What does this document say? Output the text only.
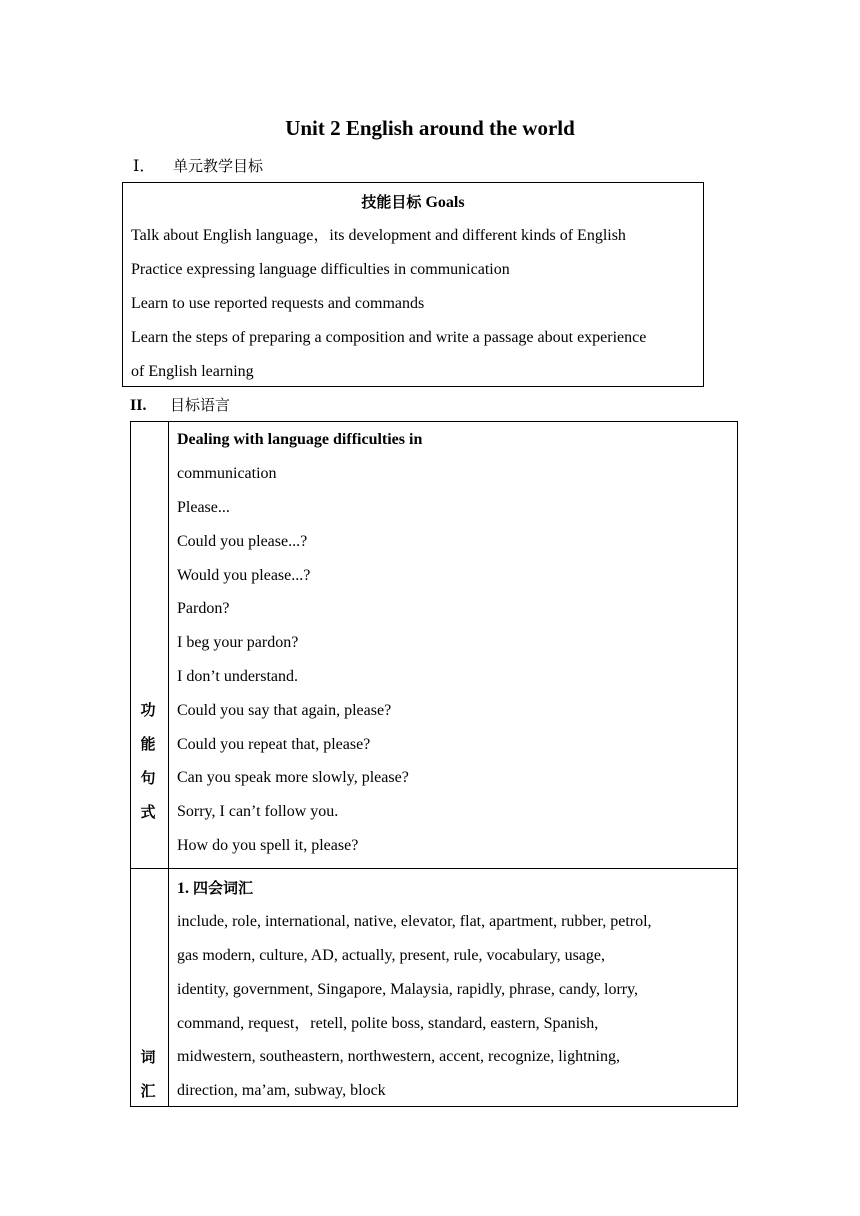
Unit 2 English around the world
Ⅰ． 单元教学目标
技能目标 Goals
Talk about English language，its development and different kinds of English
Practice expressing language difficulties in communication
Learn to use reported requests and commands
Learn the steps of preparing a composition and write a passage about experience
of English learning
II. 目标语言
功
能
句
式
Dealing with language difficulties in
communication
Please...
Could you please...?
Would you please...?
Pardon?
I beg your pardon?
I don’t understand.
Could you say that again, please?
Could you repeat that, please?
Can you speak more slowly, please?
Sorry, I can’t follow you.
How do you spell it, please?
词
汇
1. 四会词汇
include, role, international, native, elevator, flat, apartment, rubber, petrol,
gas modern, culture, AD, actually, present, rule, vocabulary, usage,
identity, government, Singapore, Malaysia, rapidly, phrase, candy, lorry,
command, request，retell, polite boss, standard, eastern, Spanish,
midwestern, southeastern, northwestern, accent, recognize, lightning,
direction, ma’am, subway, block
